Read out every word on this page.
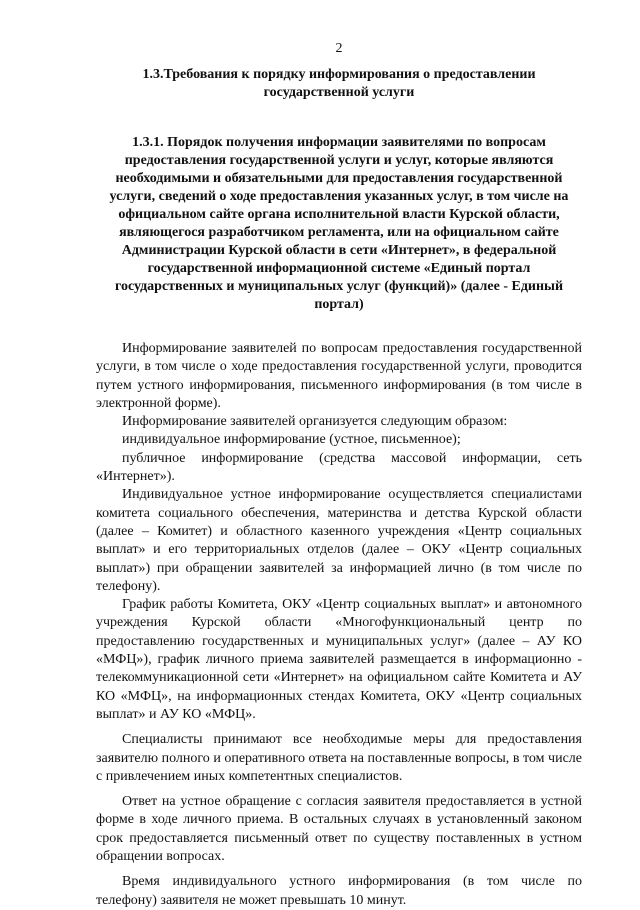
2
1.3.Требования к порядку информирования о предоставлении государственной услуги
1.3.1. Порядок получения информации заявителями по вопросам предоставления государственной услуги и услуг, которые являются необходимыми и обязательными для предоставления государственной услуги, сведений о ходе предоставления указанных услуг, в том числе на официальном сайте органа исполнительной власти Курской области, являющегося разработчиком регламента, или на официальном сайте Администрации Курской области в сети «Интернет», в федеральной государственной информационной системе «Единый портал государственных и муниципальных услуг (функций)» (далее - Единый портал)

Информирование заявителей по вопросам предоставления государственной услуги, в том числе о ходе предоставления государственной услуги, проводится путем устного информирования, письменного информирования (в том числе в электронной форме).

Информирование заявителей организуется следующим образом:

индивидуальное информирование (устное, письменное);

публичное информирование (средства массовой информации, сеть «Интернет»).

Индивидуальное устное информирование осуществляется специалистами комитета социального обеспечения, материнства и детства Курской области (далее – Комитет) и областного казенного учреждения «Центр социальных выплат» и его территориальных отделов (далее – ОКУ «Центр социальных выплат») при обращении заявителей за информацией лично (в том числе по телефону).

График работы Комитета, ОКУ «Центр социальных выплат» и автономного учреждения Курской области «Многофункциональный центр по предоставлению государственных и муниципальных услуг» (далее – АУ КО «МФЦ»), график личного приема заявителей размещается в информационно - телекоммуникационной сети «Интернет» на официальном сайте Комитета и АУ КО «МФЦ», на информационных стендах Комитета, ОКУ «Центр социальных выплат» и АУ КО «МФЦ».

Специалисты принимают все необходимые меры для предоставления заявителю полного и оперативного ответа на поставленные вопросы, в том числе с привлечением иных компетентных специалистов.

Ответ на устное обращение с согласия заявителя предоставляется в устной форме в ходе личного приема. В остальных случаях в установленный законом срок предоставляется письменный ответ по существу поставленных в устном обращении вопросах.

Время индивидуального устного информирования (в том числе по телефону) заявителя не может превышать 10 минут.
